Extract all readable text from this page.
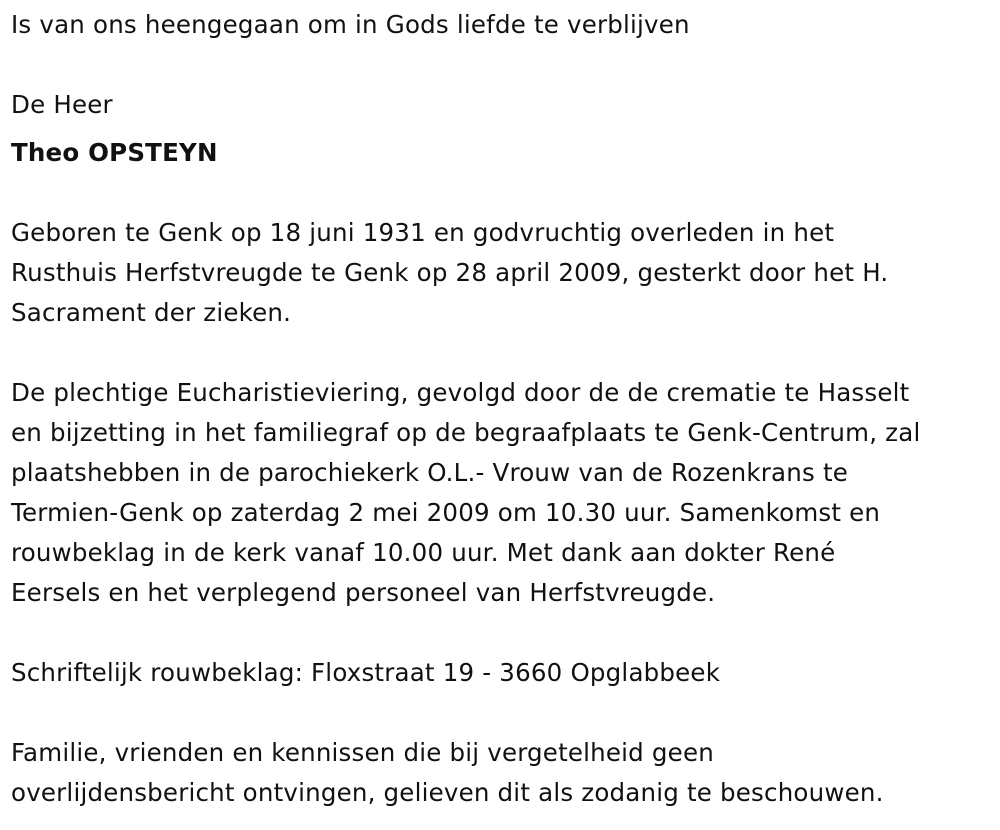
Is van ons heengegaan om in Gods liefde te verblijven
De Heer
Theo OPSTEYN
Geboren te Genk op 18 juni 1931 en godvruchtig overleden in het
Rusthuis Herfstvreugde te Genk op 28 april 2009, gesterkt door het H.
Sacrament der zieken.
De plechtige Eucharistieviering, gevolgd door de de crematie te Hasselt
en bijzetting in het familiegraf op de begraafplaats te Genk-Centrum, zal
plaatshebben in de parochiekerk O.L.- Vrouw van de Rozenkrans te
Termien-Genk op zaterdag 2 mei 2009 om 10.30 uur. Samenkomst en
rouwbeklag in de kerk vanaf 10.00 uur. Met dank aan dokter René
Eersels en het verplegend personeel van Herfstvreugde.
Schriftelijk rouwbeklag: Floxstraat 19 - 3660 Opglabbeek
Familie, vrienden en kennissen die bij vergetelheid geen
overlijdensbericht ontvingen, gelieven dit als zodanig te beschouwen.
